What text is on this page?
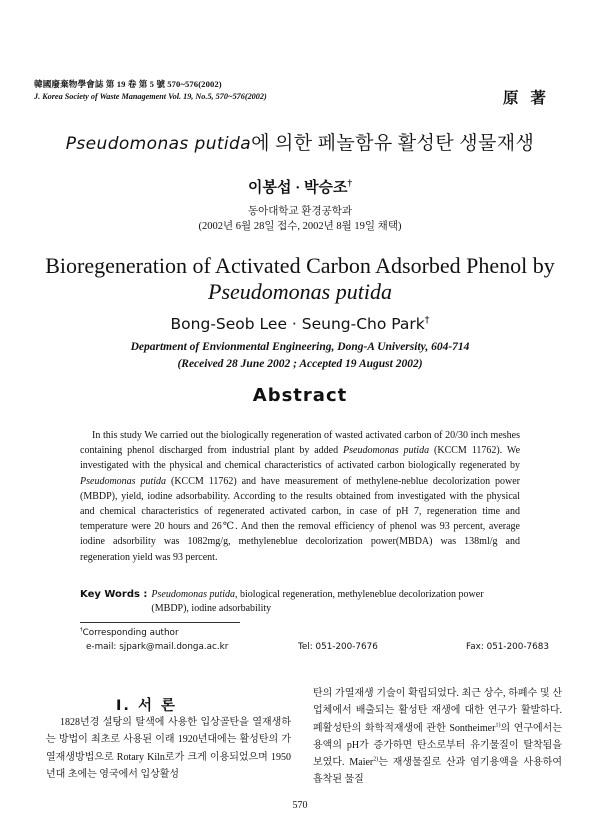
韓國廢棄物學會誌 第 19 卷 第 5 號 570~576(2002)
J. Korea Society of Waste Management Vol. 19, No.5, 570~576(2002)	原 著
Pseudomonas putida에 의한 페놀함유 활성탄 생물재생
이봉섭 · 박승조†
동아대학교 환경공학과
(2002년 6월 28일 접수, 2002년 8월 19일 채택)
Bioregeneration of Activated Carbon Adsorbed Phenol by
Pseudomonas putida
Bong-Seob Lee · Seung-Cho Park†
Department of Envionmental Engineering, Dong-A University, 604-714
(Received 28 June 2002 ; Accepted 19 August 2002)
Abstract
In this study We carried out the biologically regeneration of wasted activated carbon of 20/30 inch meshes containing phenol discharged from industrial plant by added Pseudomonas putida (KCCM 11762). We investigated with the physical and chemical characteristics of activated carbon biologically regenerated by Pseudomonas putida (KCCM 11762) and have measurement of methylene-neblue decolorization power (MBDP), yield, iodine adsorbability. According to the results obtained from investigated with the physical and chemical characteristics of regenerated activated carbon, in case of pH 7, regeneration time and temperature were 20 hours and 26℃. And then the removal efficiency of phenol was 93 percent, average iodine adsorbility was 1082mg/g, methyleneblue decolorization power(MBDA) was 138ml/g and regeneration yield was 93 percent.
Key Words : Pseudomonas putida, biological regeneration, methyleneblue decolorization power (MBDP), iodine adsorbability
†Corresponding author
e-mail: sjpark@mail.donga.ac.kr	Tel: 051-200-7676	Fax: 051-200-7683
Ⅰ. 서 론
1828년경 설탕의 탈색에 사용한 입상골탄을 열재생하는 방법이 최초로 사용된 이래 1920년대에는 활성탄의 가열재생방법으로 Rotary Kiln로가 크게 이용되었으며 1950년대 초에는 영국에서 입상활성
탄의 가열재생 기술이 확립되었다. 최근 상수, 하폐수 및 산업체에서 배출되는 활성탄 재생에 대한 연구가 활발하다. 폐활성탄의 화학적재생에 관한 Sontheimer$^{1)}$의 연구에서는 용액의 pH가 증가하면 탄소로부터 유기물질이 탈착됨을 보였다. Maier$^{2)}$는 재생물질로 산과 염기용액을 사용하여 흡착된 물질
570
